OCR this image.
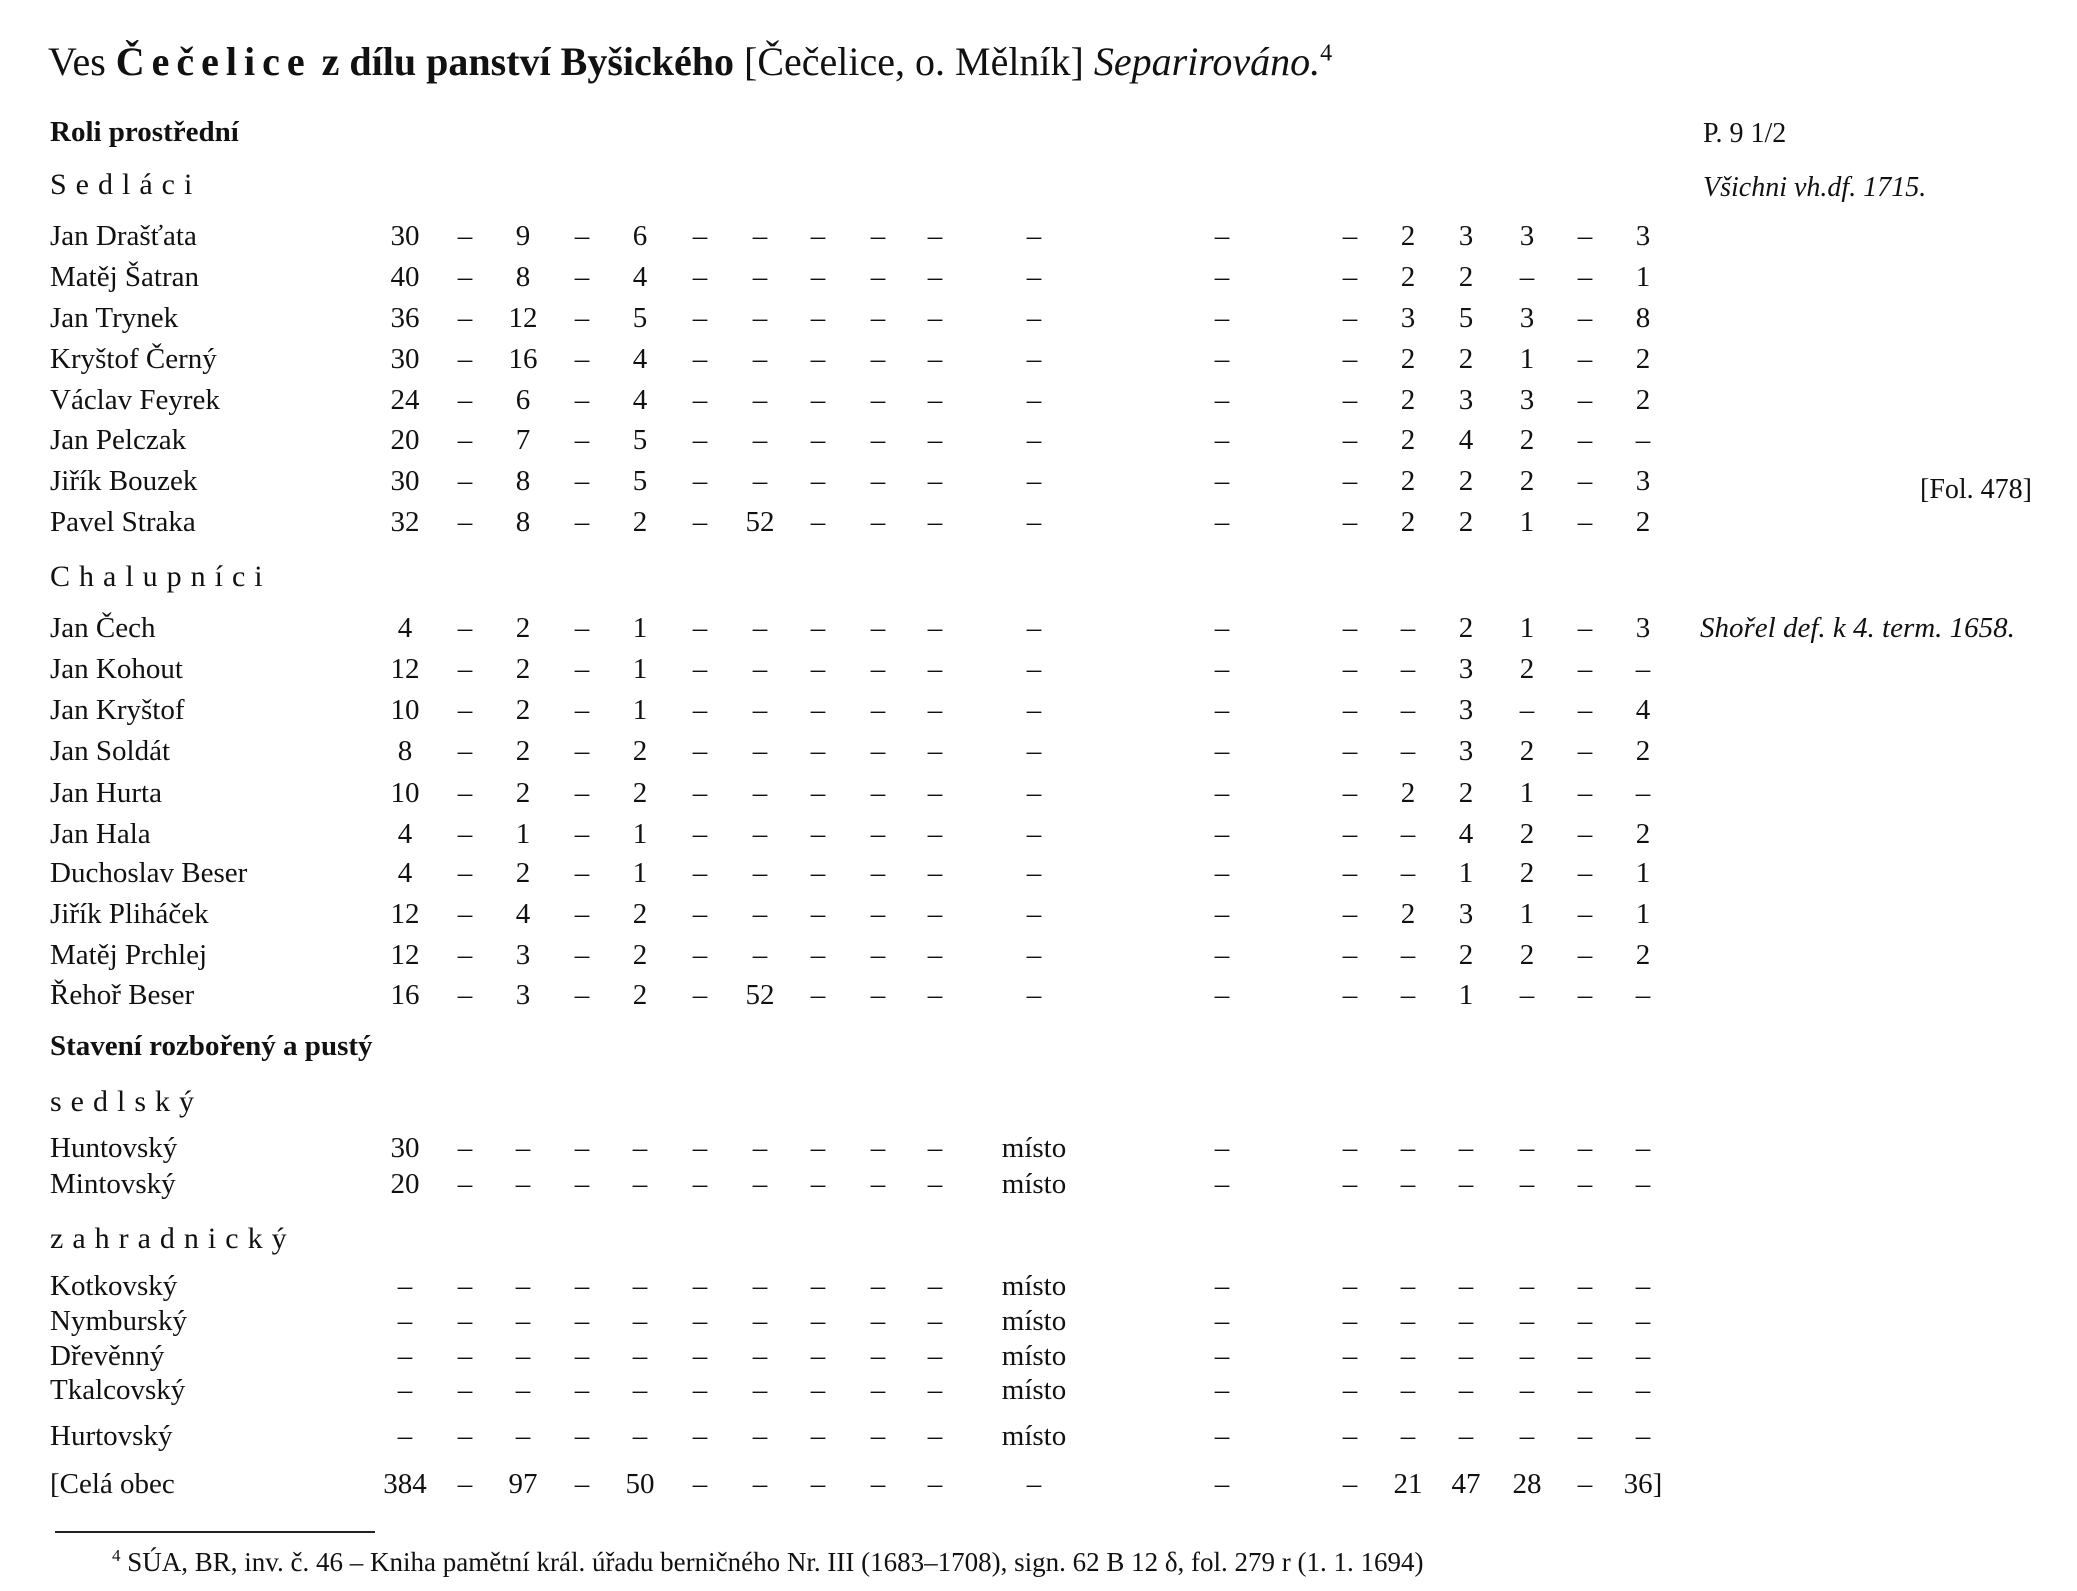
Ves Čečelice z dílu panství Byšického [Čečelice, o. Mělník] Separirováno.$^4$
P. 9 1/2
Všichni vh.df. 1715.
[Fol. 478]
Roli prostřední
Sedláci
Jan Drašťata	30	–	9	–	6	–	–	–	–	–	–	–	–	2	3	3	–	3
Matěj Šatran	40	–	8	–	4	–	–	–	–	–	–	–	–	2	2	–	–	1
Jan Trynek	36	–	12	–	5	–	–	–	–	–	–	–	–	3	5	3	–	8
Kryštof Černý	30	–	16	–	4	–	–	–	–	–	–	–	–	2	2	1	–	2
Václav Feyrek	24	–	6	–	4	–	–	–	–	–	–	–	–	2	3	3	–	2
Jan Pelczak	20	–	7	–	5	–	–	–	–	–	–	–	–	2	4	2	–	–
Jiřík Bouzek	30	–	8	–	5	–	–	–	–	–	–	–	–	2	2	2	–	3
Pavel Straka	32	–	8	–	2	–	52	–	–	–	–	–	–	2	2	1	–	2
Chalupníci
Jan Čech	4	–	2	–	1	–	–	–	–	–	–	–	–	–	2	1	–	3	Shořel def. k 4. term. 1658.
Jan Kohout	12	–	2	–	1	–	–	–	–	–	–	–	–	–	3	2	–	–
Jan Kryštof	10	–	2	–	1	–	–	–	–	–	–	–	–	–	3	–	–	4
Jan Soldát	8	–	2	–	2	–	–	–	–	–	–	–	–	–	3	2	–	2
Jan Hurta	10	–	2	–	2	–	–	–	–	–	–	–	–	2	2	1	–	–
Jan Hala	4	–	1	–	1	–	–	–	–	–	–	–	–	–	4	2	–	2
Duchoslav Beser	4	–	2	–	1	–	–	–	–	–	–	–	–	–	1	2	–	1
Jiřík Pliháček	12	–	4	–	2	–	–	–	–	–	–	–	–	2	3	1	–	1
Matěj Prchlej	12	–	3	–	2	–	–	–	–	–	–	–	–	–	2	2	–	2
Řehoř Beser	16	–	3	–	2	–	52	–	–	–	–	–	–	–	1	–	–	–
Stavení rozbořený a pustý
sedlský
Huntovský	30	–	–	–	–	–	–	–	–	–	místo	–	–	–	–	–	–	–
Mintovský	20	–	–	–	–	–	–	–	–	–	místo	–	–	–	–	–	–	–
zahradnický
Kotkovský	–	–	–	–	–	–	–	–	–	–	místo	–	–	–	–	–	–	–
Nymburský	–	–	–	–	–	–	–	–	–	–	místo	–	–	–	–	–	–	–
Dřevěnný	–	–	–	–	–	–	–	–	–	–	místo	–	–	–	–	–	–	–
Tkalcovský	–	–	–	–	–	–	–	–	–	–	místo	–	–	–	–	–	–	–
Hurtovský	–	–	–	–	–	–	–	–	–	–	místo	–	–	–	–	–	–	–
[Celá obec	384	–	97	–	50	–	–	–	–	–	–	–	–	21	47	28	–	36]
$^4$ SÚA, BR, inv. č. 46 – Kniha pamětní král. úřadu berničného Nr. III (1683–1708), sign. 62 B 12 δ, fol. 279 r (1. 1. 1694)
